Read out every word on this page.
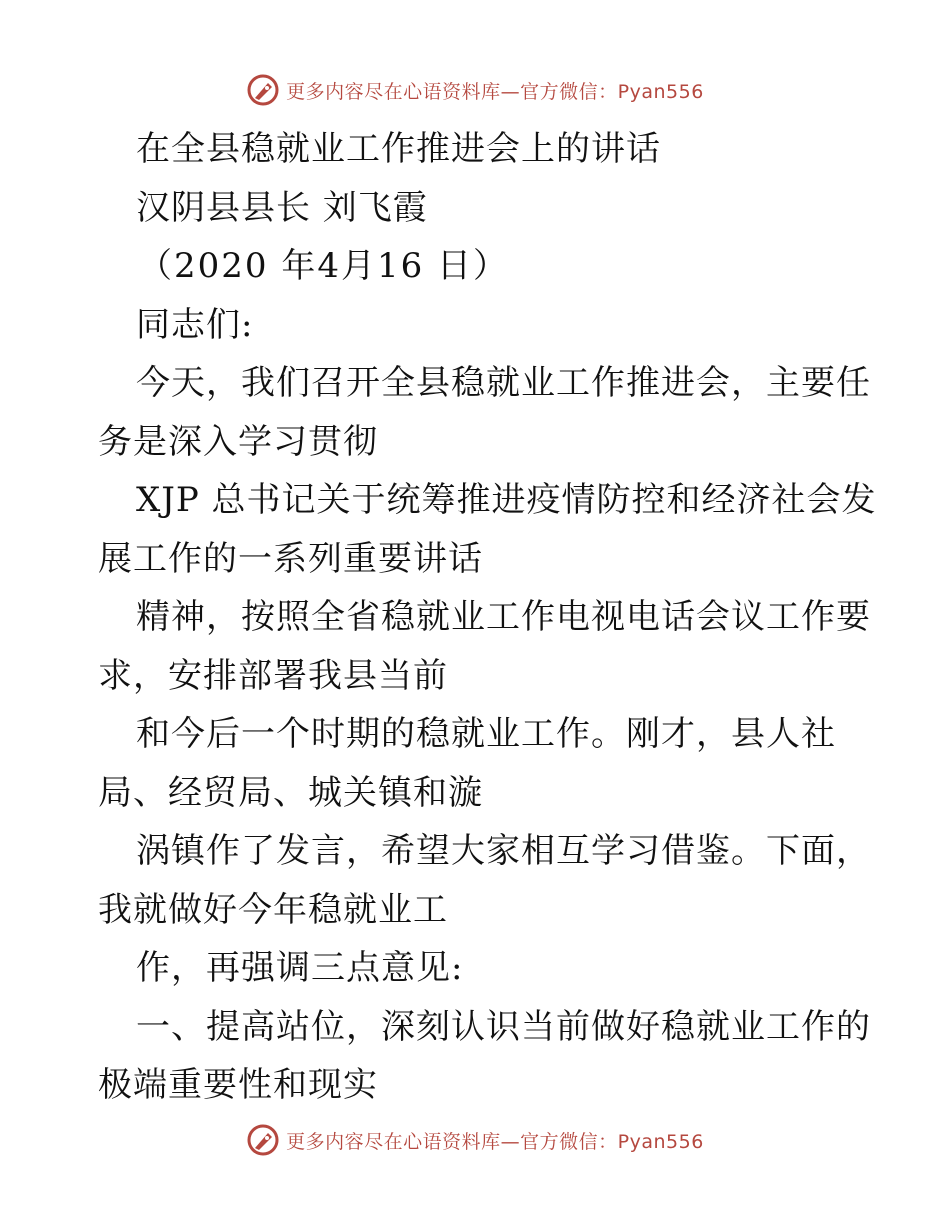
更多内容尽在心语资料库—官方微信：Pyan556
在全县稳就业工作推进会上的讲话
汉阴县县长 刘飞霞
（2020 年4月16 日）
同志们:
今天，我们召开全县稳就业工作推进会，主要任
务是深入学习贯彻
XJP 总书记关于统筹推进疫情防控和经济社会发
展工作的一系列重要讲话
精神，按照全省稳就业工作电视电话会议工作要
求，安排部署我县当前
和今后一个时期的稳就业工作。刚才，县人社
局、经贸局、城关镇和漩
涡镇作了发言，希望大家相互学习借鉴。下面，
我就做好今年稳就业工
作，再强调三点意见:
一、提高站位，深刻认识当前做好稳就业工作的
极端重要性和现实
更多内容尽在心语资料库—官方微信：Pyan556
